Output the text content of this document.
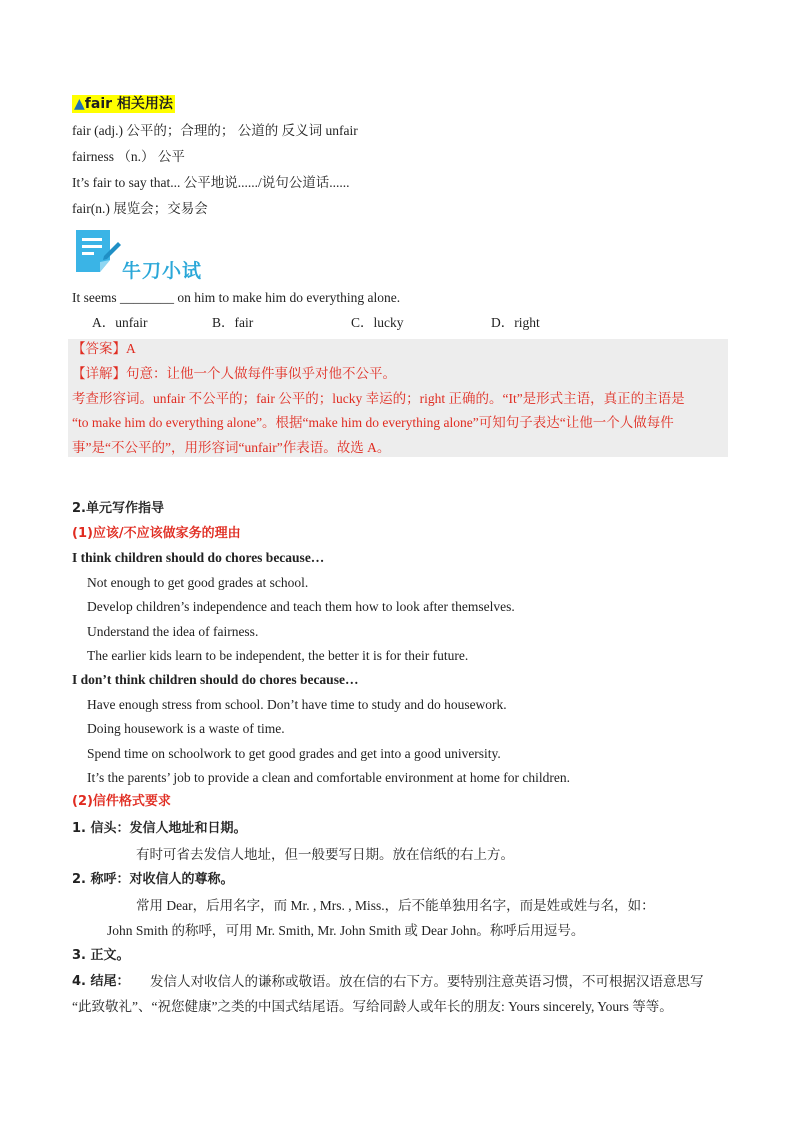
▲fair 相关用法
fair (adj.) 公平的；合理的； 公道的 反义词 unfair
fairness （n.） 公平
It’s fair to say that... 公平地说....../说句公道话......
fair(n.) 展览会；交易会
牛刀小试
It seems ________ on him to make him do everything alone.
A．unfair	B．fair	C．lucky	D．right
【答案】A
【详解】句意：让他一个人做每件事似乎对他不公平。
考查形容词。unfair 不公平的；fair 公平的；lucky 幸运的；right 正确的。“It”是形式主语，真正的主语是
“to make him do everything alone”。根据“make him do everything alone”可知句子表达“让他一个人做每件
事”是“不公平的”，用形容词“unfair”作表语。故选 A。
2.单元写作指导
(1)应该/不应该做家务的理由
I think children should do chores because…
Not enough to get good grades at school.
Develop children’s independence and teach them how to look after themselves.
Understand the idea of fairness.
The earlier kids learn to be independent, the better it is for their future.
I don’t think children should do chores because…
Have enough stress from school. Don’t have time to study and do housework.
Doing housework is a waste of time.
Spend time on schoolwork to get good grades and get into a good university.
It’s the parents’ job to provide a clean and comfortable environment at home for children.
(2)信件格式要求
1. 信头：发信人地址和日期。
有时可省去发信人地址，但一般要写日期。放在信纸的右上方。
2. 称呼：对收信人的尊称。
常用 Dear，后用名字，而 Mr. , Mrs. , Miss.，后不能单独用名字，而是姓或姓与名，如：
John Smith 的称呼，可用 Mr. Smith, Mr. John Smith 或 Dear John。称呼后用逗号。
3. 正文。
4. 结尾： 发信人对收信人的谦称或敬语。放在信的右下方。要特别注意英语习惯，不可根据汉语意思写
“此致敬礼”、“祝您健康”之类的中国式结尾语。写给同龄人或年长的朋友: Yours sincerely, Yours 等等。
